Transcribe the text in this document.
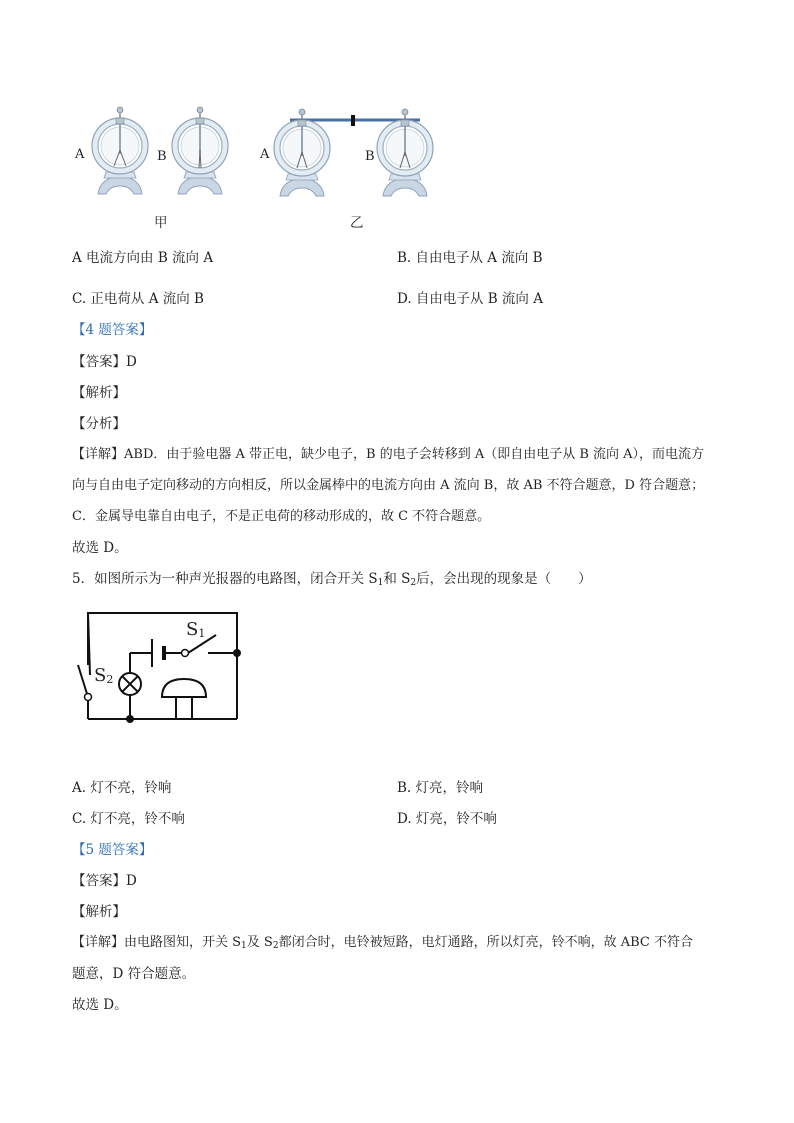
A	B	A	B
甲	乙
A 电流方向由 B 流向 A	B. 自由电子从 A 流向 B
C. 正电荷从 A 流向 B	D. 自由电子从 B 流向 A
【4 题答案】
【答案】D
【解析】
【分析】
【详解】ABD．由于验电器 A 带正电，缺少电子，B 的电子会转移到 A（即自由电子从 B 流向 A），而电流方
向与自由电子定向移动的方向相反，所以金属棒中的电流方向由 A 流向 B，故 AB 不符合题意，D 符合题意；
C．金属导电靠自由电子，不是正电荷的移动形成的，故 C 不符合题意。
故选 D。
5．如图所示为一种声光报器的电路图，闭合开关 $S_1$和 $S_2$后，会出现的现象是（　　）
$S_1$
$S_2$
A. 灯不亮，铃响	B. 灯亮，铃响
C. 灯不亮，铃不响	D. 灯亮，铃不响
【5 题答案】
【答案】D
【解析】
【详解】由电路图知，开关 $S_1$及 $S_2$都闭合时，电铃被短路，电灯通路，所以灯亮，铃不响，故 ABC 不符合
题意，D 符合题意。
故选 D。
